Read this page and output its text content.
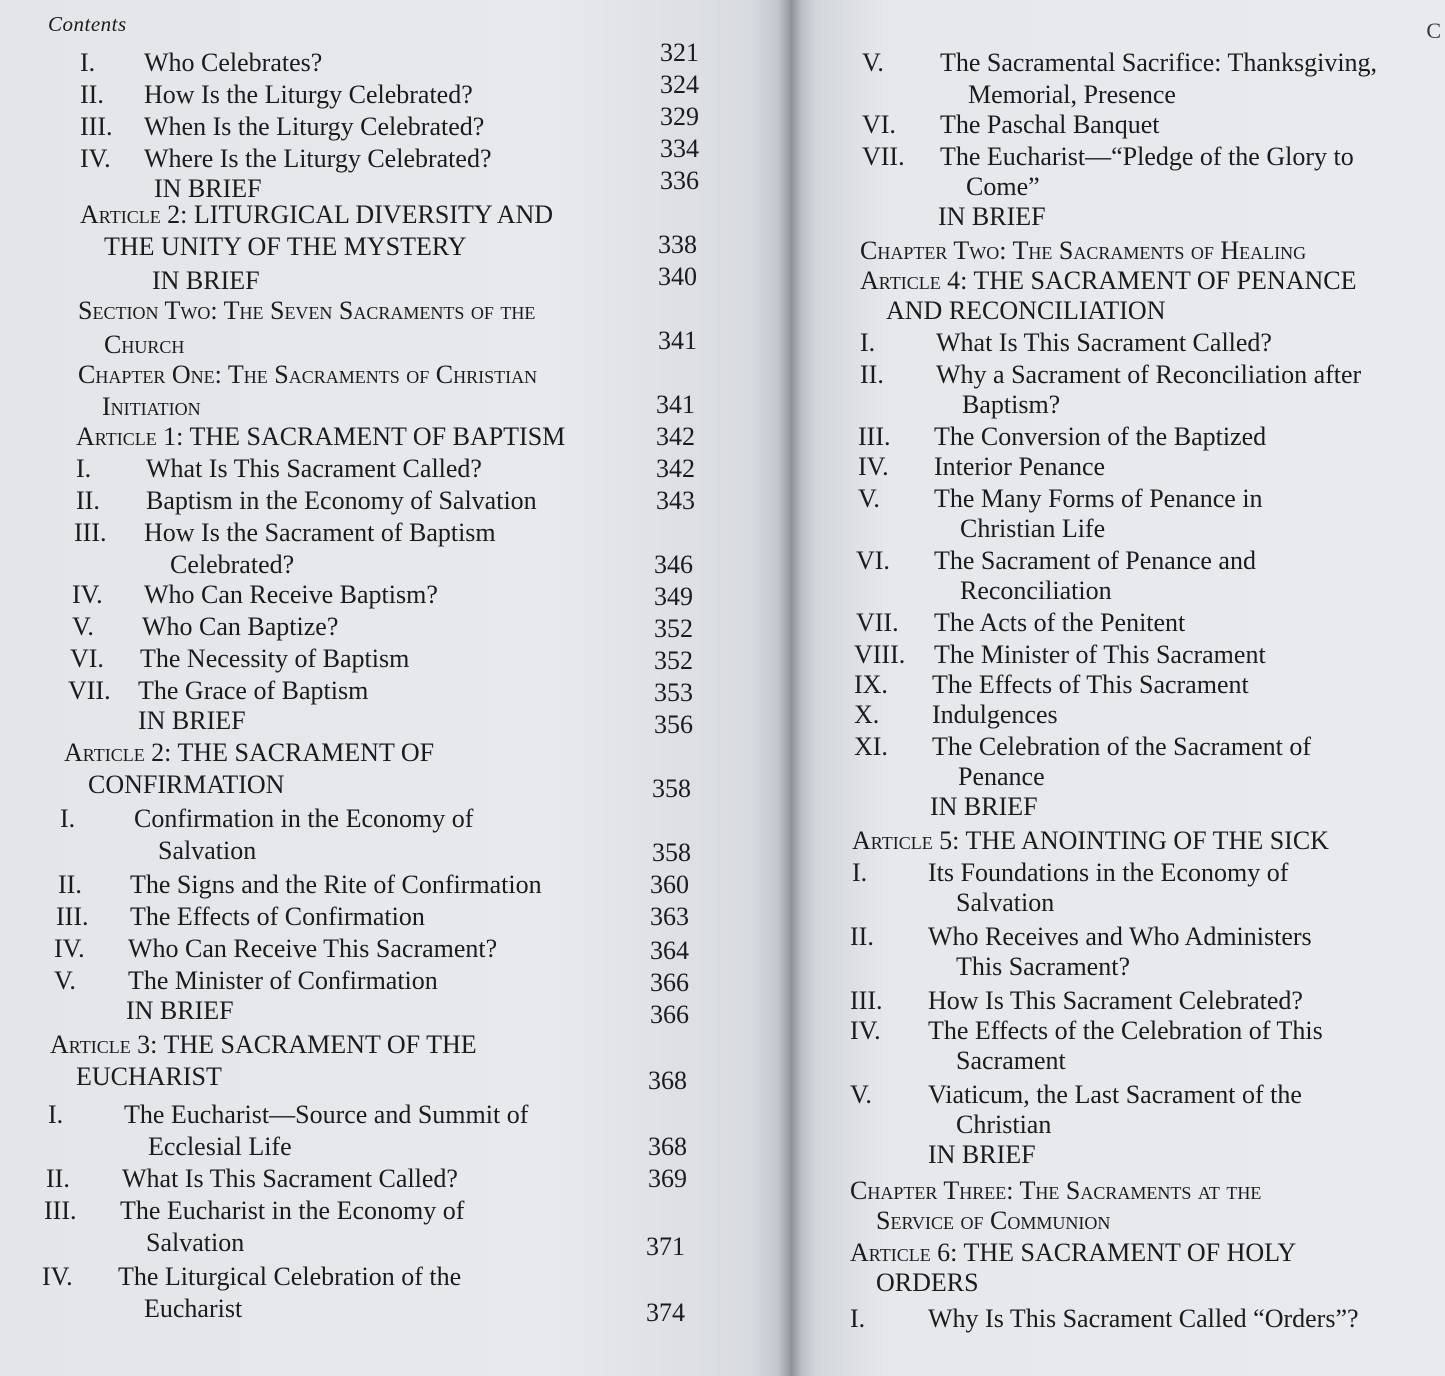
Contents
I. Who Celebrates?
II. How Is the Liturgy Celebrated?
III. When Is the Liturgy Celebrated?
IV. Where Is the Liturgy Celebrated?
IN BRIEF
Article 2: LITURGICAL DIVERSITY AND
THE UNITY OF THE MYSTERY
IN BRIEF
Section Two: The Seven Sacraments of the
Church
Chapter One: The Sacraments of Christian
Initiation
Article 1: THE SACRAMENT OF BAPTISM
I. What Is This Sacrament Called?
II. Baptism in the Economy of Salvation
III. How Is the Sacrament of Baptism
Celebrated?
IV. Who Can Receive Baptism?
V. Who Can Baptize?
VI. The Necessity of Baptism
VII. The Grace of Baptism
IN BRIEF
Article 2: THE SACRAMENT OF
CONFIRMATION
I. Confirmation in the Economy of
Salvation
II. The Signs and the Rite of Confirmation
III. The Effects of Confirmation
IV. Who Can Receive This Sacrament?
V. The Minister of Confirmation
IN BRIEF
Article 3: THE SACRAMENT OF THE
EUCHARIST
I. The Eucharist—Source and Summit of
Ecclesial Life
II. What Is This Sacrament Called?
III. The Eucharist in the Economy of
Salvation
IV. The Liturgical Celebration of the
Eucharist
321
324
329
334
336
338
340
341
341
342
342
343
346
349
352
352
353
356
358
358
360
363
364
366
366
368
368
369
371
374
C
V. The Sacramental Sacrifice: Thanksgiving,
Memorial, Presence
VI. The Paschal Banquet
VII. The Eucharist—“Pledge of the Glory to
Come”
IN BRIEF
Chapter Two: The Sacraments of Healing
Article 4: THE SACRAMENT OF PENANCE
AND RECONCILIATION
I. What Is This Sacrament Called?
II. Why a Sacrament of Reconciliation after
Baptism?
III. The Conversion of the Baptized
IV. Interior Penance
V. The Many Forms of Penance in
Christian Life
VI. The Sacrament of Penance and
Reconciliation
VII. The Acts of the Penitent
VIII. The Minister of This Sacrament
IX. The Effects of This Sacrament
X. Indulgences
XI. The Celebration of the Sacrament of
Penance
IN BRIEF
Article 5: THE ANOINTING OF THE SICK
I. Its Foundations in the Economy of
Salvation
II. Who Receives and Who Administers
This Sacrament?
III. How Is This Sacrament Celebrated?
IV. The Effects of the Celebration of This
Sacrament
V. Viaticum, the Last Sacrament of the
Christian
IN BRIEF
Chapter Three: The Sacraments at the
Service of Communion
Article 6: THE SACRAMENT OF HOLY
ORDERS
I. Why Is This Sacrament Called “Orders”?
